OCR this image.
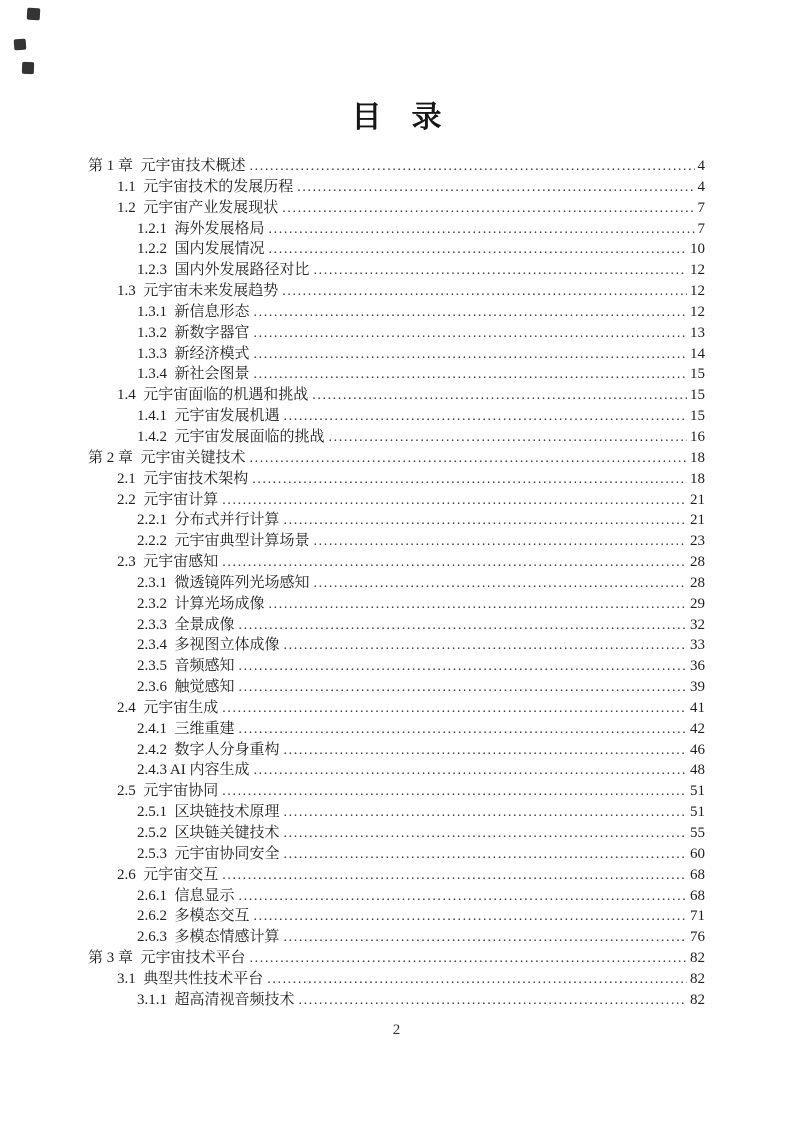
目　录
第 1 章  元宇宙技术概述 .....	4
1.1  元宇宙技术的发展历程 .....	4
1.2  元宇宙产业发展现状 .....	7
1.2.1  海外发展格局 .....	7
1.2.2  国内发展情况 .....	10
1.2.3  国内外发展路径对比 .....	12
1.3  元宇宙未来发展趋势 .....	12
1.3.1  新信息形态 .....	12
1.3.2  新数字器官 .....	13
1.3.3  新经济模式 .....	14
1.3.4  新社会图景 .....	15
1.4  元宇宙面临的机遇和挑战 .....	15
1.4.1  元宇宙发展机遇 .....	15
1.4.2  元宇宙发展面临的挑战 .....	16
第 2 章  元宇宙关键技术 .....	18
2.1  元宇宙技术架构 .....	18
2.2  元宇宙计算 .....	21
2.2.1  分布式并行计算 .....	21
2.2.2  元宇宙典型计算场景 .....	23
2.3  元宇宙感知 .....	28
2.3.1  微透镜阵列光场感知 .....	28
2.3.2  计算光场成像 .....	29
2.3.3  全景成像 .....	32
2.3.4  多视图立体成像 .....	33
2.3.5  音频感知 .....	36
2.3.6  触觉感知 .....	39
2.4  元宇宙生成 .....	41
2.4.1  三维重建 .....	42
2.4.2  数字人分身重构 .....	46
2.4.3 AI 内容生成 .....	48
2.5  元宇宙协同 .....	51
2.5.1  区块链技术原理 .....	51
2.5.2  区块链关键技术 .....	55
2.5.3  元宇宙协同安全 .....	60
2.6  元宇宙交互 .....	68
2.6.1  信息显示 .....	68
2.6.2  多模态交互 .....	71
2.6.3  多模态情感计算 .....	76
第 3 章  元宇宙技术平台 .....	82
3.1  典型共性技术平台 .....	82
3.1.1  超高清视音频技术 .....	82
2
